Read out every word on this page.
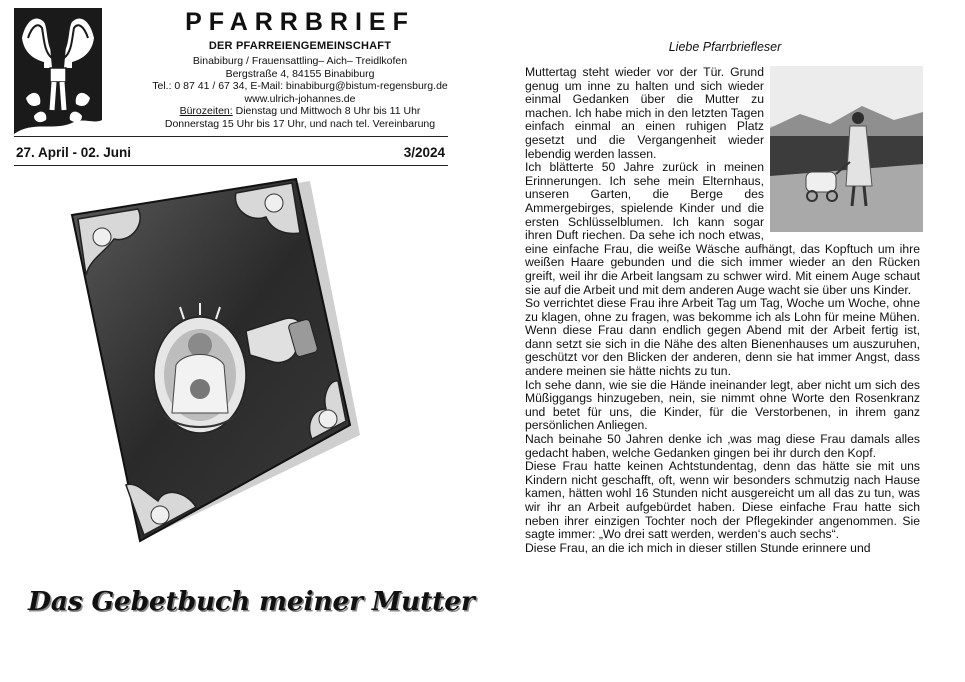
PFARRBRIEF
DER PFARREIENGEMEINSCHAFT
Binabiburg / Frauensattling– Aich– Treidlkofen
Bergstraße 4, 84155 Binabiburg
Tel.: 0 87 41 / 67 34, E-Mail: binabiburg@bistum-regensburg.de
www.ulrich-johannes.de
Bürozeiten: Dienstag und Mittwoch 8 Uhr bis 11 Uhr
Donnerstag 15 Uhr bis 17 Uhr, und nach tel. Vereinbarung
27. April - 02. Juni	3/2024
Das Gebetbuch meiner Mutter
Liebe Pfarrbriefleser

Muttertag steht wieder vor der Tür. Grund genug um inne zu halten und sich wieder einmal Gedanken über die Mutter zu machen. Ich habe mich in den letzten Tagen einfach einmal an einen ruhigen Platz gesetzt und die Vergangenheit wieder lebendig werden lassen.

Ich blätterte 50 Jahre zurück in meinen Erinnerungen. Ich sehe mein Elternhaus, unseren Garten, die Berge des Ammergebirges, spielende Kinder und die ersten Schlüsselblumen. Ich kann sogar ihren Duft riechen. Da sehe ich noch etwas, eine einfache Frau, die weiße Wäsche aufhängt, das Kopftuch um ihre weißen Haare gebunden und die sich immer wieder an den Rücken greift, weil ihr die Arbeit langsam zu schwer wird. Mit einem Auge schaut sie auf die Arbeit und mit dem anderen Auge wacht sie über uns Kinder.

So verrichtet diese Frau ihre Arbeit Tag um Tag, Woche um Woche, ohne zu klagen, ohne zu fragen, was bekomme ich als Lohn für meine Mühen. Wenn diese Frau dann endlich gegen Abend mit der Arbeit fertig ist, dann setzt sie sich in die Nähe des alten Bienenhauses um auszuruhen, geschützt vor den Blicken der anderen, denn sie hat immer Angst, dass andere meinen sie hätte nichts zu tun.

Ich sehe dann, wie sie die Hände ineinander legt, aber nicht um sich des Müßiggangs hinzugeben, nein, sie nimmt ohne Worte den Rosenkranz und betet für uns, die Kinder, für die Verstorbenen, in ihrem ganz persönlichen Anliegen.

Nach beinahe 50 Jahren denke ich ‚was mag diese Frau damals alles gedacht haben, welche Gedanken gingen bei ihr durch den Kopf.

Diese Frau hatte keinen Achtstundentag, denn das hätte sie mit uns Kindern nicht geschafft, oft, wenn wir besonders schmutzig nach Hause kamen, hätten wohl 16 Stunden nicht ausgereicht um all das zu tun, was wir ihr an Arbeit aufgebürdet haben. Diese einfache Frau hatte sich neben ihrer einzigen Tochter noch der Pflegekinder angenommen. Sie sagte immer: „Wo drei satt werden, werden‘s auch sechs“.

Diese Frau, an die ich mich in dieser stillen Stunde erinnere und
